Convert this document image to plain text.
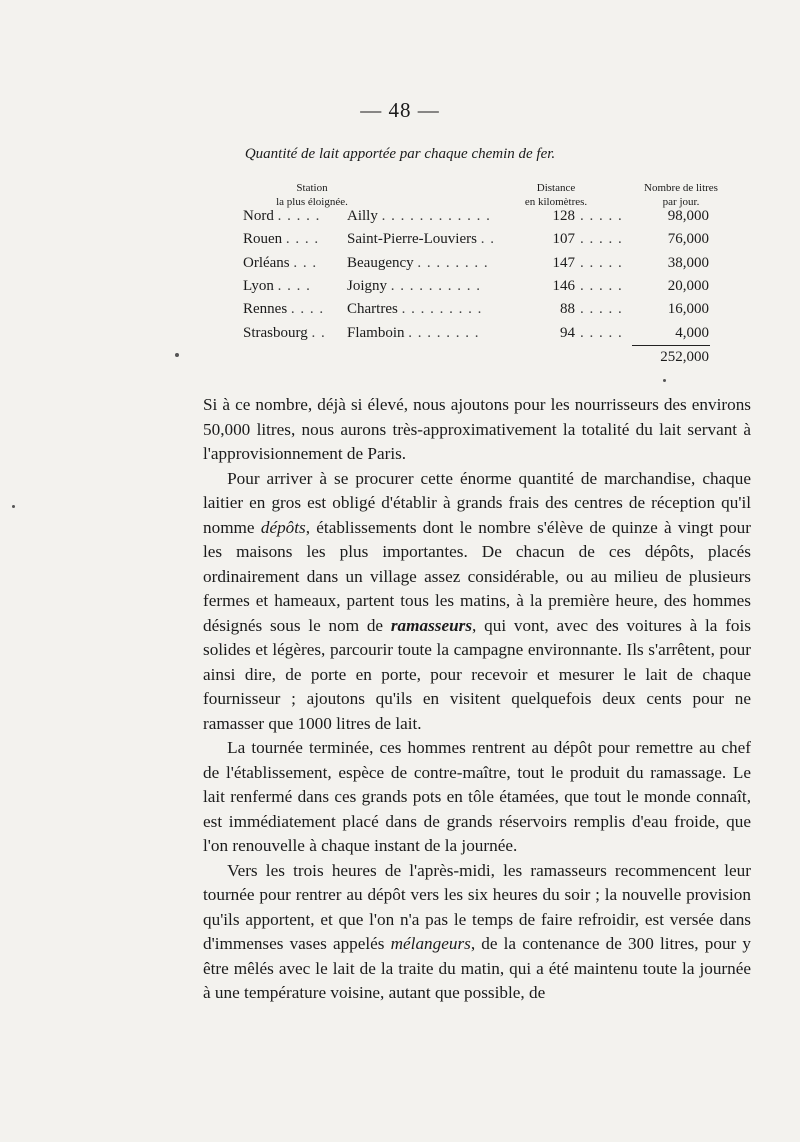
— 48 —
Quantité de lait apportée par chaque chemin de fer.
Station
la plus éloignée.
Distance
en kilomètres.
Nombre de litres
par jour.
Nord . . . . . Ailly . . . . . . . . . . . .	128 . . . . .	98,000
Rouen . . . . Saint-Pierre-Louviers . .	107 . . . . .	76,000
Orléans . . . Beaugency . . . . . . . .	147 . . . . .	38,000
Lyon . . . . Joigny . . . . . . . . . .	146 . . . . .	20,000
Rennes . . . . Chartres . . . . . . . . .	88 . . . . .	16,000
Strasbourg . . Flamboin . . . . . . . .	94 . . . . .	4,000
252,000

Si à ce nombre, déjà si élevé, nous ajoutons pour les nourrisseurs des environs 50,000 litres, nous aurons très-approximativement la totalité du lait servant à l'approvisionnement de Paris.

Pour arriver à se procurer cette énorme quantité de marchandise, chaque laitier en gros est obligé d'établir à grands frais des centres de réception qu'il nomme dépôts, établissements dont le nombre s'élève de quinze à vingt pour les maisons les plus importantes. De chacun de ces dépôts, placés ordinairement dans un village assez considérable, ou au milieu de plusieurs fermes et hameaux, partent tous les matins, à la première heure, des hommes désignés sous le nom de ramasseurs, qui vont, avec des voitures à la fois solides et légères, parcourir toute la campagne environnante. Ils s'arrêtent, pour ainsi dire, de porte en porte, pour recevoir et mesurer le lait de chaque fournisseur ; ajoutons qu'ils en visitent quelquefois deux cents pour ne ramasser que 1000 litres de lait.

La tournée terminée, ces hommes rentrent au dépôt pour remettre au chef de l'établissement, espèce de contre-maître, tout le produit du ramassage. Le lait renfermé dans ces grands pots en tôle étamées, que tout le monde connaît, est immédiatement placé dans de grands réservoirs remplis d'eau froide, que l'on renouvelle à chaque instant de la journée.

Vers les trois heures de l'après-midi, les ramasseurs recommencent leur tournée pour rentrer au dépôt vers les six heures du soir ; la nouvelle provision qu'ils apportent, et que l'on n'a pas le temps de faire refroidir, est versée dans d'immenses vases appelés mélangeurs, de la contenance de 300 litres, pour y être mêlés avec le lait de la traite du matin, qui a été maintenu toute la journée à une température voisine, autant que possible, de
